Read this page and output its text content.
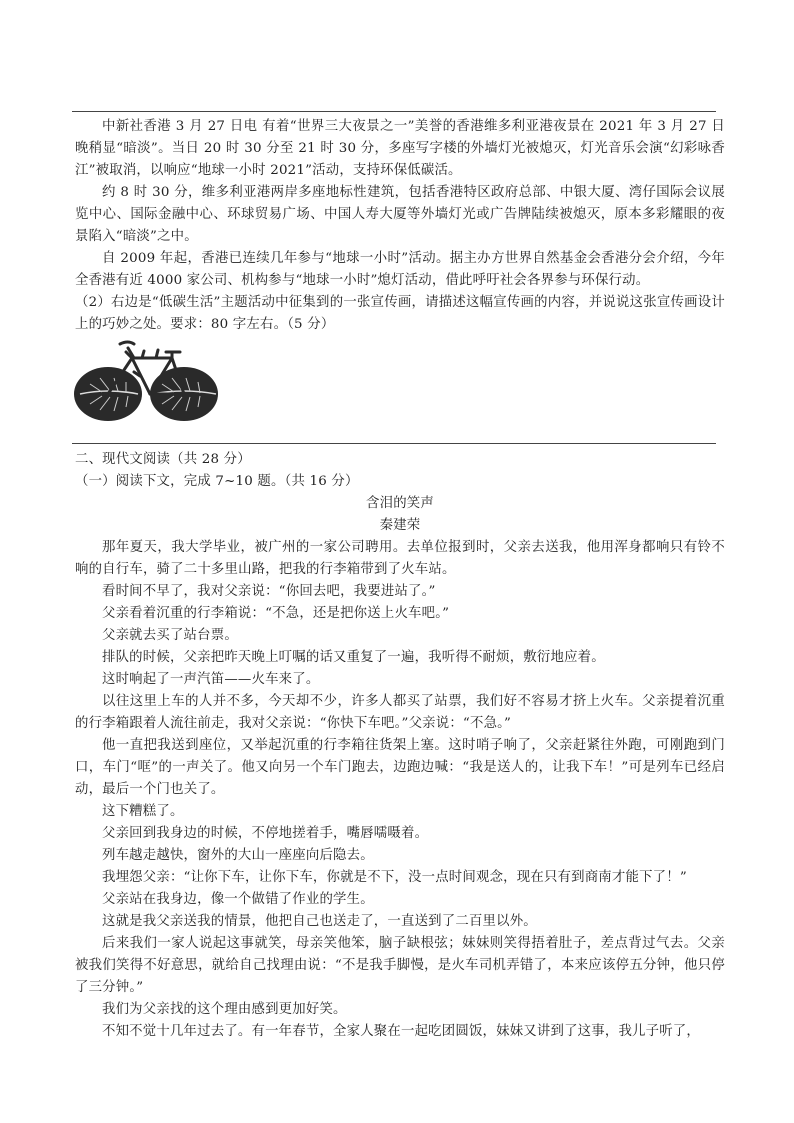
中新社香港 3 月 27 日电 有着“世界三大夜景之一”美誉的香港维多利亚港夜景在 2021 年 3 月 27 日晚稍显“暗淡”。当日 20 时 30 分至 21 时 30 分，多座写字楼的外墙灯光被熄灭，灯光音乐会演“幻彩咏香江”被取消，以响应“地球一小时 2021”活动，支持环保低碳活。

约 8 时 30 分，维多利亚港两岸多座地标性建筑，包括香港特区政府总部、中银大厦、湾仔国际会议展览中心、国际金融中心、环球贸易广场、中国人寿大厦等外墙灯光或广告牌陆续被熄灭，原本多彩耀眼的夜景陷入“暗淡”之中。

自 2009 年起，香港已连续几年参与“地球一小时”活动。据主办方世界自然基金会香港分会介绍，今年全香港有近 4000 家公司、机构参与“地球一小时”熄灯活动，借此呼吁社会各界参与环保行动。

（2）右边是“低碳生活”主题活动中征集到的一张宣传画，请描述这幅宣传画的内容，并说说这张宣传画设计上的巧妙之处。要求：80 字左右。（5 分）

二、现代文阅读（共 28 分）

（一）阅读下文，完成 7~10 题。（共 16 分）

含泪的笑声

秦建荣

那年夏天，我大学毕业，被广州的一家公司聘用。去单位报到时，父亲去送我，他用浑身都响只有铃不响的自行车，骑了二十多里山路，把我的行李箱带到了火车站。

看时间不早了，我对父亲说：“你回去吧，我要进站了。”

父亲看着沉重的行李箱说：“不急，还是把你送上火车吧。”

父亲就去买了站台票。

排队的时候，父亲把昨天晚上叮嘱的话又重复了一遍，我听得不耐烦，敷衍地应着。

这时响起了一声汽笛——火车来了。

以往这里上车的人并不多，今天却不少，许多人都买了站票，我们好不容易才挤上火车。父亲提着沉重的行李箱跟着人流往前走，我对父亲说：“你快下车吧。”父亲说：“不急。”

他一直把我送到座位，又举起沉重的行李箱往货架上塞。这时哨子响了，父亲赶紧往外跑，可刚跑到门口，车门“哐”的一声关了。他又向另一个车门跑去，边跑边喊：“我是送人的，让我下车！”可是列车已经启动，最后一个门也关了。

这下糟糕了。

父亲回到我身边的时候，不停地搓着手，嘴唇嚅嗫着。

列车越走越快，窗外的大山一座座向后隐去。

我埋怨父亲：“让你下车，让你下车，你就是不下，没一点时间观念，现在只有到商南才能下了！”

父亲站在我身边，像一个做错了作业的学生。

这就是我父亲送我的情景，他把自己也送走了，一直送到了二百里以外。

后来我们一家人说起这事就笑，母亲笑他笨，脑子缺根弦；妹妹则笑得捂着肚子，差点背过气去。父亲被我们笑得不好意思，就给自己找理由说：“不是我手脚慢，是火车司机弄错了，本来应该停五分钟，他只停了三分钟。”

我们为父亲找的这个理由感到更加好笑。

不知不觉十几年过去了。有一年春节，全家人聚在一起吃团圆饭，妹妹又讲到了这事，我儿子听了，
